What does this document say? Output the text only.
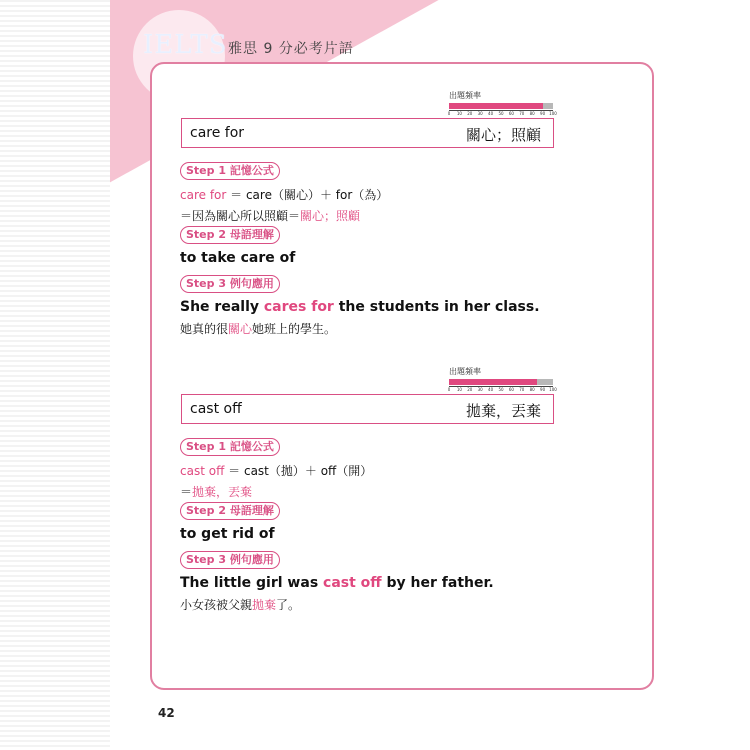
IELTS 雅思 9 分必考片語
出題頻率
0 10 20 30 40 50 60 70 80 90 100
care for	關心；照顧
Step 1 記憶公式
care for ＝ care（關心）＋ for（為）
＝因為關心所以照顧＝關心；照顧
Step 2 母語理解
to take care of
Step 3 例句應用
She really cares for the students in her class.
她真的很關心她班上的學生。
出題頻率
0 10 20 30 40 50 60 70 80 90 100
cast off	拋棄，丟棄
Step 1 記憶公式
cast off ＝ cast（拋）＋ off（開）
＝拋棄，丟棄
Step 2 母語理解
to get rid of
Step 3 例句應用
The little girl was cast off by her father.
小女孩被父親拋棄了。
42
